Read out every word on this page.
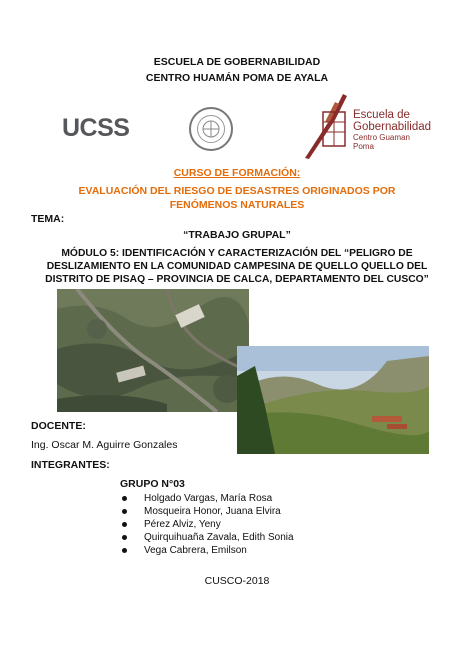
ESCUELA DE GOBERNABILIDAD
CENTRO HUAMÁN POMA DE AYALA
UCSS	Escuela de
Gobernabilidad
Centro Guaman Poma
CURSO DE FORMACIÓN:
EVALUACIÓN DEL RIESGO DE DESASTRES ORIGINADOS POR FENÓMENOS NATURALES
TEMA:
“TRABAJO GRUPAL”
MÓDULO 5: IDENTIFICACIÓN Y CARACTERIZACIÓN DEL “PELIGRO DE DESLIZAMIENTO EN LA COMUNIDAD CAMPESINA DE QUELLO QUELLO DEL DISTRITO DE PISAQ – PROVINCIA DE CALCA, DEPARTAMENTO DEL CUSCO”
DOCENTE:
Ing. Oscar M. Aguirre Gonzales
INTEGRANTES:
GRUPO N°03
Holgado Vargas, María Rosa
Mosqueira Honor, Juana Elvira
Pérez Alviz, Yeny
Quirquihuaña Zavala, Edith Sonia
Vega Cabrera, Emilson
CUSCO-2018
